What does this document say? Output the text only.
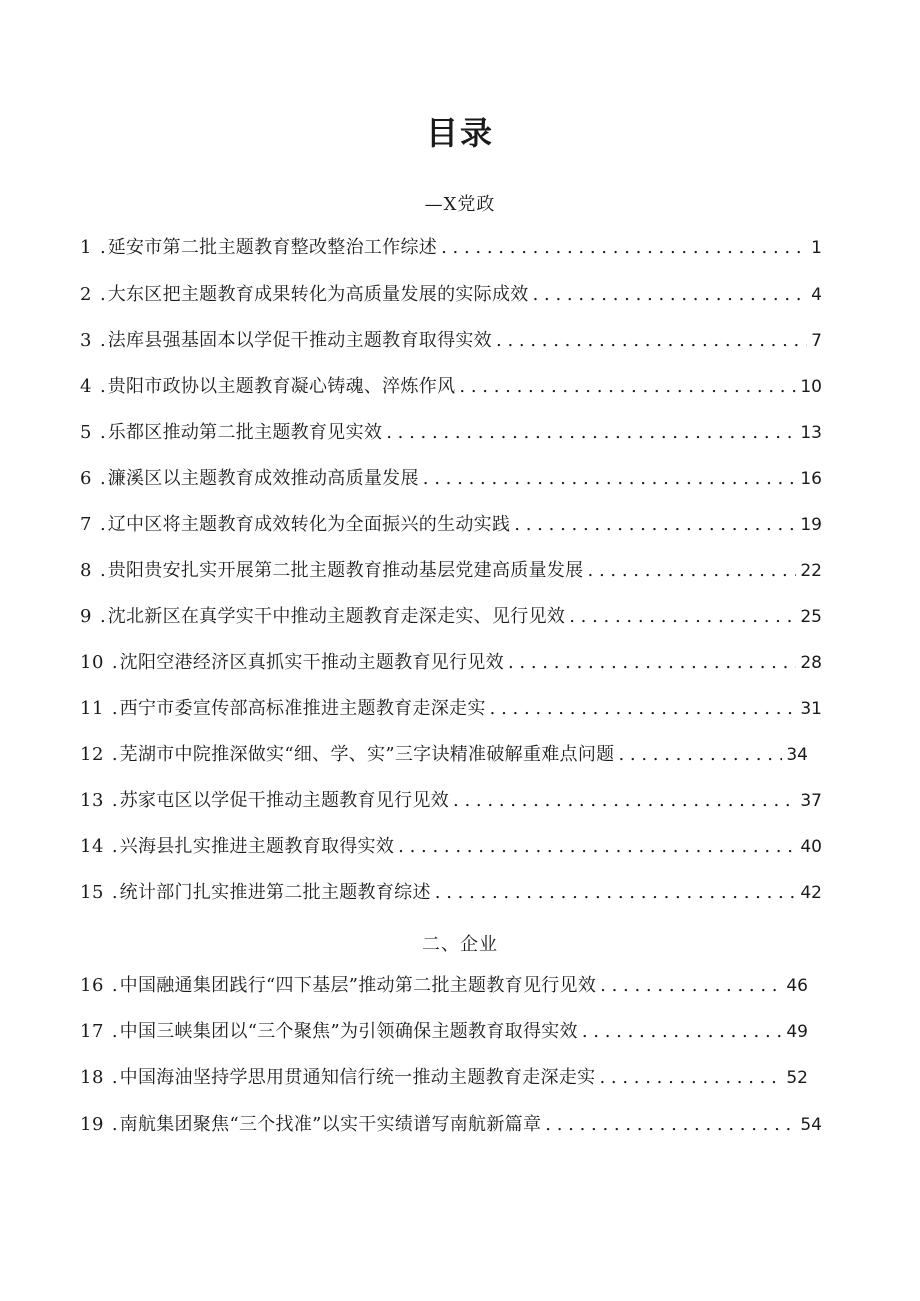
目录
—X党政
1 . 延安市第二批主题教育整改整治工作综述 . . .	1
2 . 大东区把主题教育成果转化为高质量发展的实际成效 . . .	4
3 . 法库县强基固本以学促干推动主题教育取得实效 . . .	7
4 . 贵阳市政协以主题教育凝心铸魂、淬炼作风 . . .	10
5 . 乐都区推动第二批主题教育见实效 . . .	13
6 . 濂溪区以主题教育成效推动高质量发展 . . .	16
7 . 辽中区将主题教育成效转化为全面振兴的生动实践 . . .	19
8 . 贵阳贵安扎实开展第二批主题教育推动基层党建高质量发展 . . .	22
9 . 沈北新区在真学实干中推动主题教育走深走实、见行见效 . . .	25
10 . 沈阳空港经济区真抓实干推动主题教育见行见效 . . .	28
11 . 西宁市委宣传部高标准推进主题教育走深走实 . . .	31
12 . 芜湖市中院推深做实“细、学、实”三字诀精准破解重难点问题 . . .	34
13 . 苏家屯区以学促干推动主题教育见行见效 . . .	37
14 . 兴海县扎实推进主题教育取得实效 . . .	40
15 . 统计部门扎实推进第二批主题教育综述 . . .	42
二、企业
16 . 中国融通集团践行“四下基层”推动第二批主题教育见行见效 . . .	46
17 . 中国三峡集团以“三个聚焦”为引领确保主题教育取得实效 . . .	49
18 . 中国海油坚持学思用贯通知信行统一推动主题教育走深走实 . . .	52
19 . 南航集团聚焦“三个找准”以实干实绩谱写南航新篇章 . . .	54
